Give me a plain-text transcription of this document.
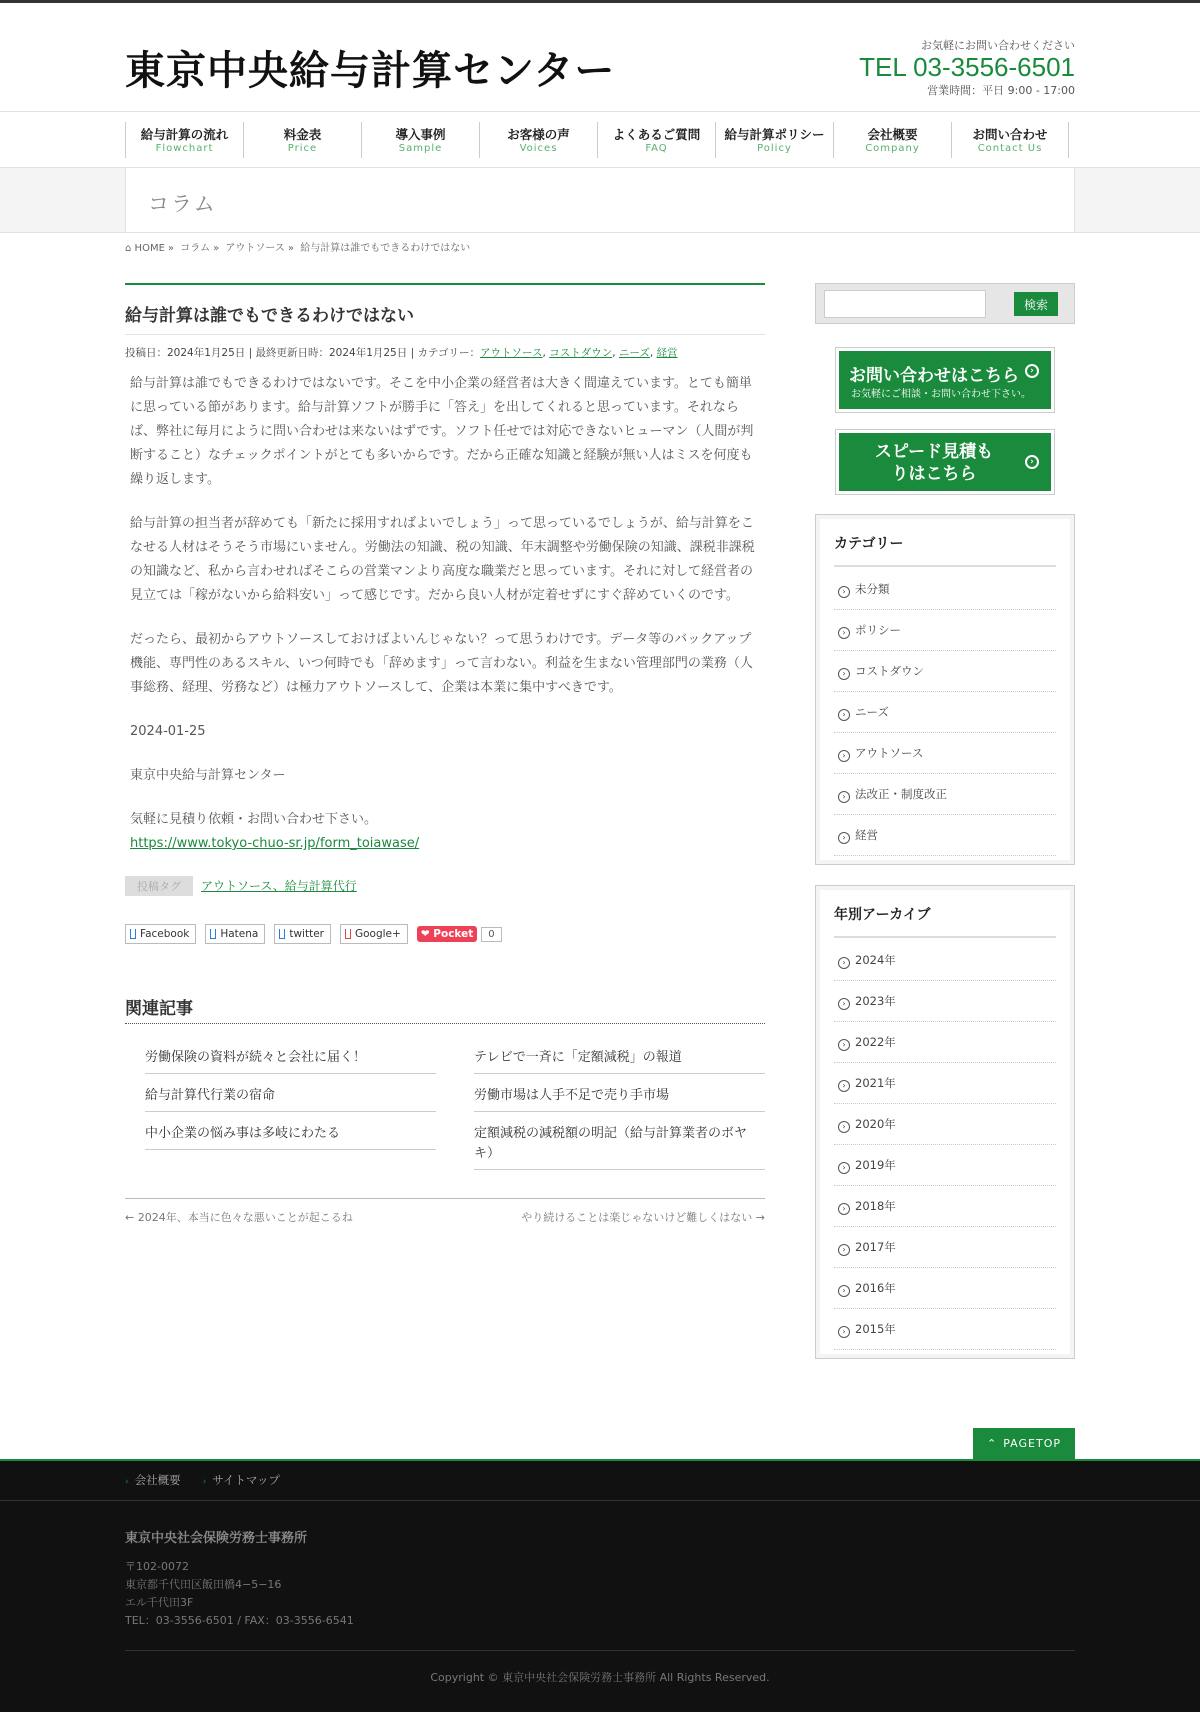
東京中央給与計算センター
お気軽にお問い合わせください
TEL 03-3556-6501
営業時間：平日 9:00 - 17:00
給与計算の流れ
Flowchart
料金表
Price
導入事例
Sample
お客様の声
Voices
よくあるご質問
FAQ
給与計算ポリシー
Policy
会社概要
Company
お問い合わせ
Contact Us
コラム
⌂ HOME » コラム » アウトソース » 給与計算は誰でもできるわけではない
給与計算は誰でもできるわけではない
投稿日：2024年1月25日 | 最終更新日時：2024年1月25日 | カテゴリー：アウトソース, コストダウン, ニーズ, 経営

給与計算は誰でもできるわけではないです。そこを中小企業の経営者は大きく間違えています。とても簡単に思っている節があります。給与計算ソフトが勝手に「答え」を出してくれると思っています。それならば、弊社に毎月にように問い合わせは来ないはずです。ソフト任せでは対応できないヒューマン（人間が判断すること）なチェックポイントがとても多いからです。だから正確な知識と経験が無い人はミスを何度も繰り返します。

給与計算の担当者が辞めても「新たに採用すればよいでしょう」って思っているでしょうが、給与計算をこなせる人材はそうそう市場にいません。労働法の知識、税の知識、年末調整や労働保険の知識、課税非課税の知識など、私から言わせればそこらの営業マンより高度な職業だと思っています。それに対して経営者の見立ては「稼がないから給料安い」って感じです。だから良い人材が定着せずにすぐ辞めていくのです。

だったら、最初からアウトソースしておけばよいんじゃない？って思うわけです。データ等のバックアップ機能、専門性のあるスキル、いつ何時でも「辞めます」って言わない。利益を生まない管理部門の業務（人事総務、経理、労務など）は極力アウトソースして、企業は本業に集中すべきです。

2024-01-25

東京中央給与計算センター

気軽に見積り依頼・お問い合わせ下さい。
https://www.tokyo-chuo-sr.jp/form_toiawase/

投稿タグ アウトソース、給与計算代行
Facebook	Hatena	twitter	Google+	❤ Pocket	0
関連記事
労働保険の資料が続々と会社に届く！	テレビで一斉に「定額減税」の報道
給与計算代行業の宿命	労働市場は人手不足で売り手市場
中小企業の悩み事は多岐にわたる	定額減税の減税額の明記（給与計算業者のボヤキ）
← 2024年、本当に色々な悪いことが起こるね	やり続けることは楽じゃないけど難しくはない →
検索
お問い合わせはこちら	›
お気軽にご相談・お問い合わせ下さい。
スピード見積もりはこちら
›
カテゴリー
› 未分類
› ポリシー
› コストダウン
› ニーズ
› アウトソース
› 法改正・制度改正
› 経営
年別アーカイブ
› 2024年
› 2023年
› 2022年
› 2021年
› 2020年
› 2019年
› 2018年
› 2017年
› 2016年
› 2015年
⌃ PAGETOP
› 会社概要 › サイトマップ
東京中央社会保険労務士事務所
〒102-0072
東京都千代田区飯田橋4−5−16
エル千代田3F
TEL：03-3556-6501 / FAX：03-3556-6541
Copyright © 東京中央社会保険労務士事務所 All Rights Reserved.
